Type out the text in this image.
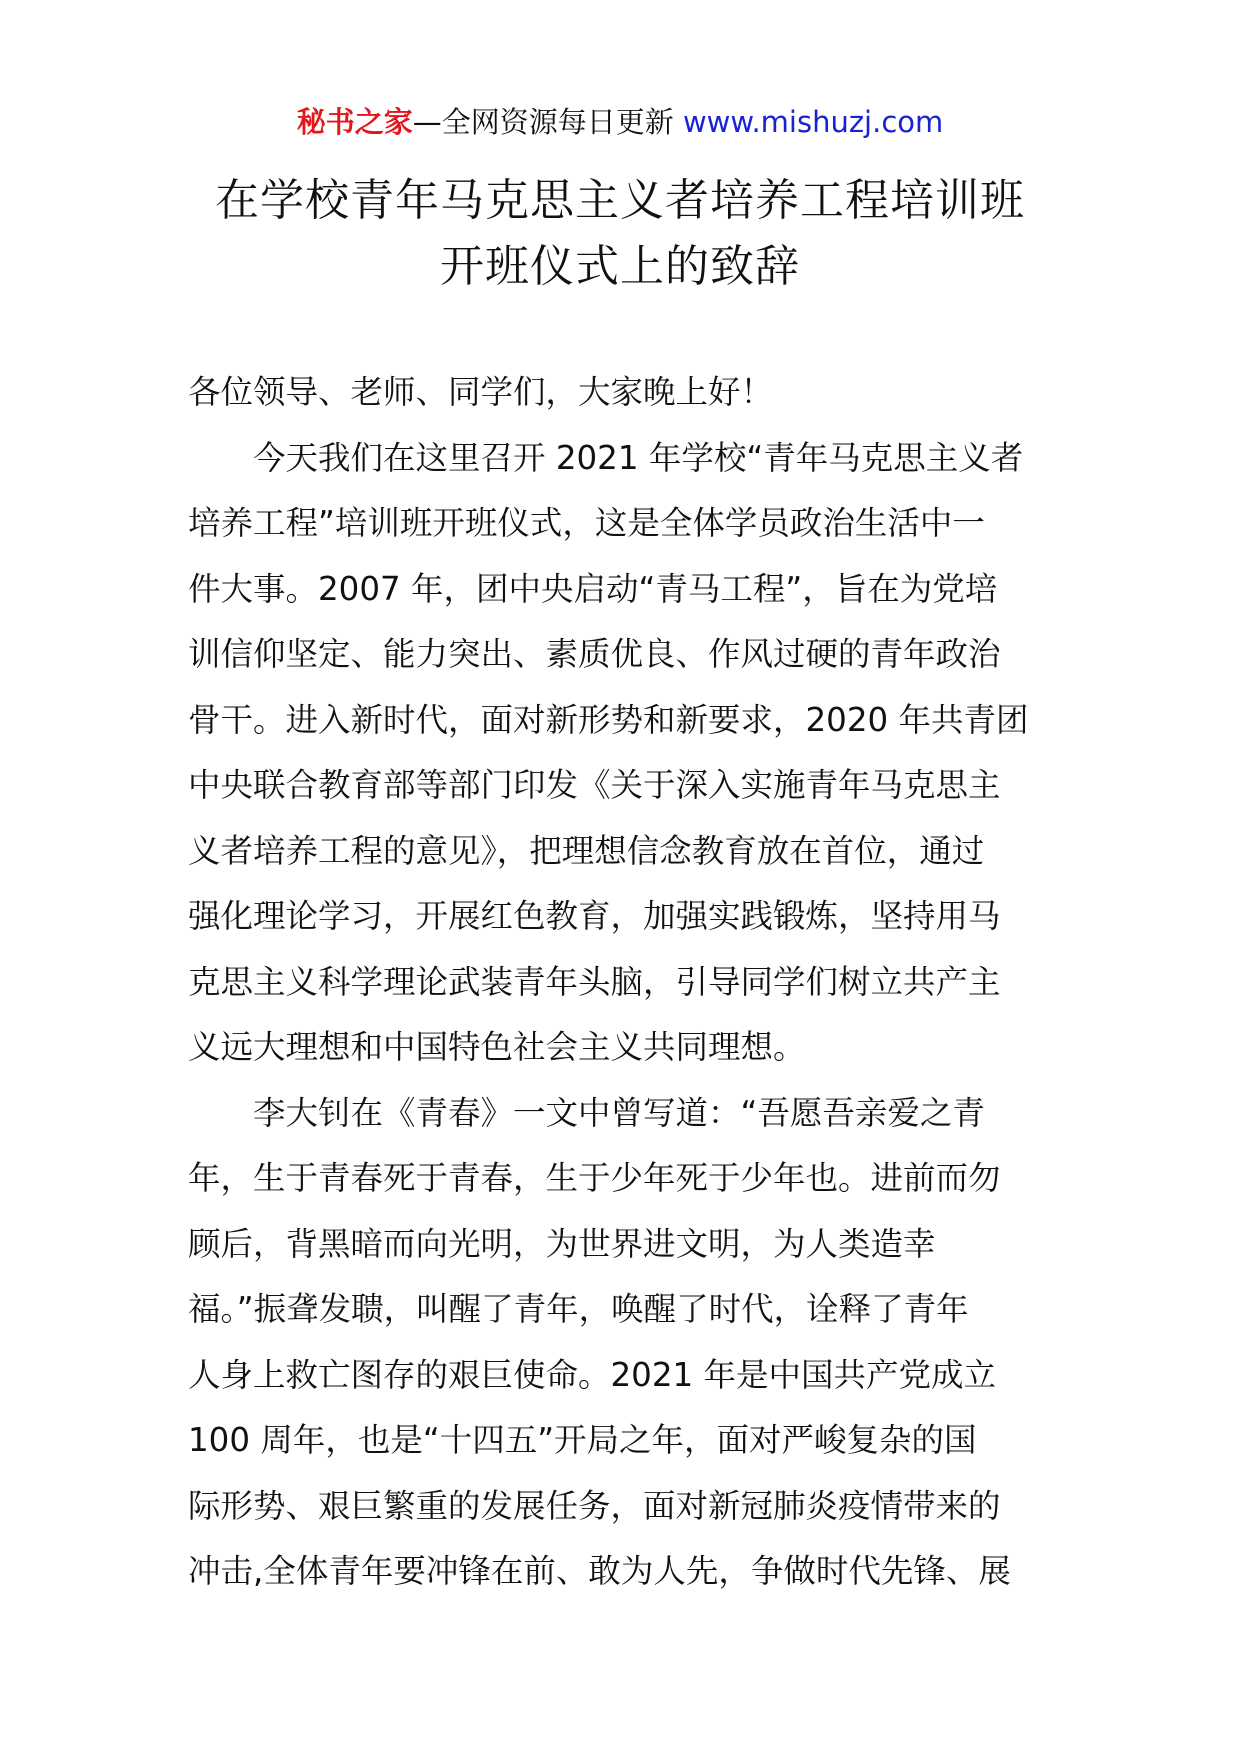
秘书之家—全网资源每日更新 www.mishuzj.com
在学校青年马克思主义者培养工程培训班
开班仪式上的致辞
各位领导、老师、同学们，大家晚上好！
　　今天我们在这里召开 2021 年学校“青年马克思主义者
培养工程”培训班开班仪式，这是全体学员政治生活中一
件大事。2007 年，团中央启动“青马工程”，旨在为党培
训信仰坚定、能力突出、素质优良、作风过硬的青年政治
骨干。进入新时代，面对新形势和新要求，2020 年共青团
中央联合教育部等部门印发《关于深入实施青年马克思主
义者培养工程的意见》，把理想信念教育放在首位，通过
强化理论学习，开展红色教育，加强实践锻炼，坚持用马
克思主义科学理论武装青年头脑，引导同学们树立共产主
义远大理想和中国特色社会主义共同理想。
　　李大钊在《青春》一文中曾写道：“吾愿吾亲爱之青
年，生于青春死于青春，生于少年死于少年也。进前而勿
顾后，背黑暗而向光明，为世界进文明，为人类造幸
福。”振聋发聩，叫醒了青年，唤醒了时代，诠释了青年
人身上救亡图存的艰巨使命。2021 年是中国共产党成立
100 周年，也是“十四五”开局之年，面对严峻复杂的国
际形势、艰巨繁重的发展任务，面对新冠肺炎疫情带来的
冲击,全体青年要冲锋在前、敢为人先，争做时代先锋、展
